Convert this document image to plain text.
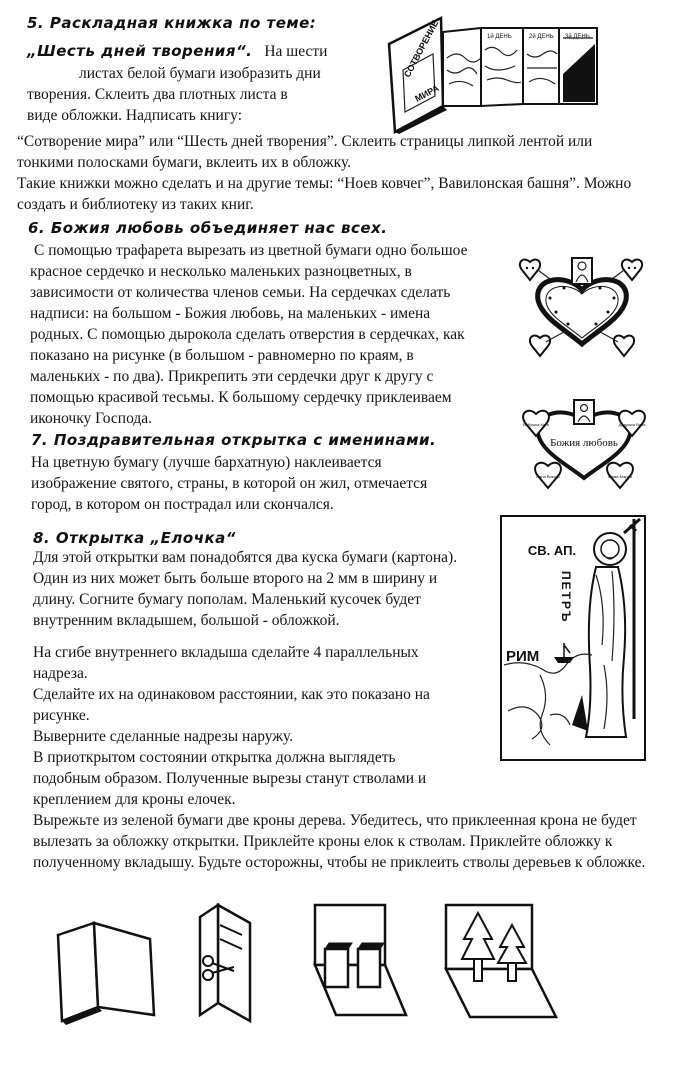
5. Раскладная книжка по теме:
„Шесть дней творения“. На шести
листах белой бумаги изобразить дни
творения. Склеить два плотных листа в
виде обложки. Надписать книгу:
СОТВОРЕНИЕ
МИРА
1й ДЕНЬ	2й ДЕНЬ 3й ДЕНЬ
“Сотворение мира” или “Шесть дней творения”. Склеить страницы липкой лентой или
тонкими полосками бумаги, вклеить их в обложку.
Такие книжки можно сделать и на другие темы: “Ноев ковчег”, Вавилонская башня”. Можно
создать и библиотеку из таких книг.
6. Божия любовь объединяет нас всех.
С помощью трафарета вырезать из цветной бумаги одно большое
красное сердечко и несколько маленьких разноцветных, в
зависимости от количества членов семьи. На сердечках сделать
надписи: на большом - Божия любовь, на маленьких - имена
родных. С помощью дырокола сделать отверстия в сердечках, как
показано на рисунке (в большом - равномерно по краям, в
маленьких - по два). Прикрепить эти сердечки друг к другу с
помощью красивой тесьмы. К большому сердечку приклеиваем
иконочку Господа.
Божия любовь
Бабушка Катя	Дедушка Ваня
Папа Виктор	Мама Мария
7. Поздравительная открытка с именинами.
На цветную бумагу (лучше бархатную) наклеивается
изображение святого, страны, в которой он жил, отмечается
город, в котором он пострадал или скончался.
8. Открытка „Елочка“
Для этой открытки вам понадобятся два куска бумаги (картона).
Один из них может быть больше второго на 2 мм в ширину и
длину. Согните бумагу пополам. Маленький кусочек будет
внутренним вкладышем, большой - обложкой.
СВ. АП.
ПЕТРЪ
РИМ
На сгибе внутреннего вкладыша сделайте 4 параллельных
надреза.
Сделайте их на одинаковом расстоянии, как это показано на
рисунке.
Выверните сделанные надрезы наружу.
В приоткрытом состоянии открытка должна выглядеть
подобным образом. Полученные вырезы станут стволами и
креплением для кроны елочек.
Вырежьте из зеленой бумаги две кроны дерева. Убедитесь, что приклеенная крона не будет
вылезать за обложку открытки. Приклейте кроны елок к стволам. Приклейте обложку к
полученному вкладышу. Будьте осторожны, чтобы не приклеить стволы деревьев к обложке.
